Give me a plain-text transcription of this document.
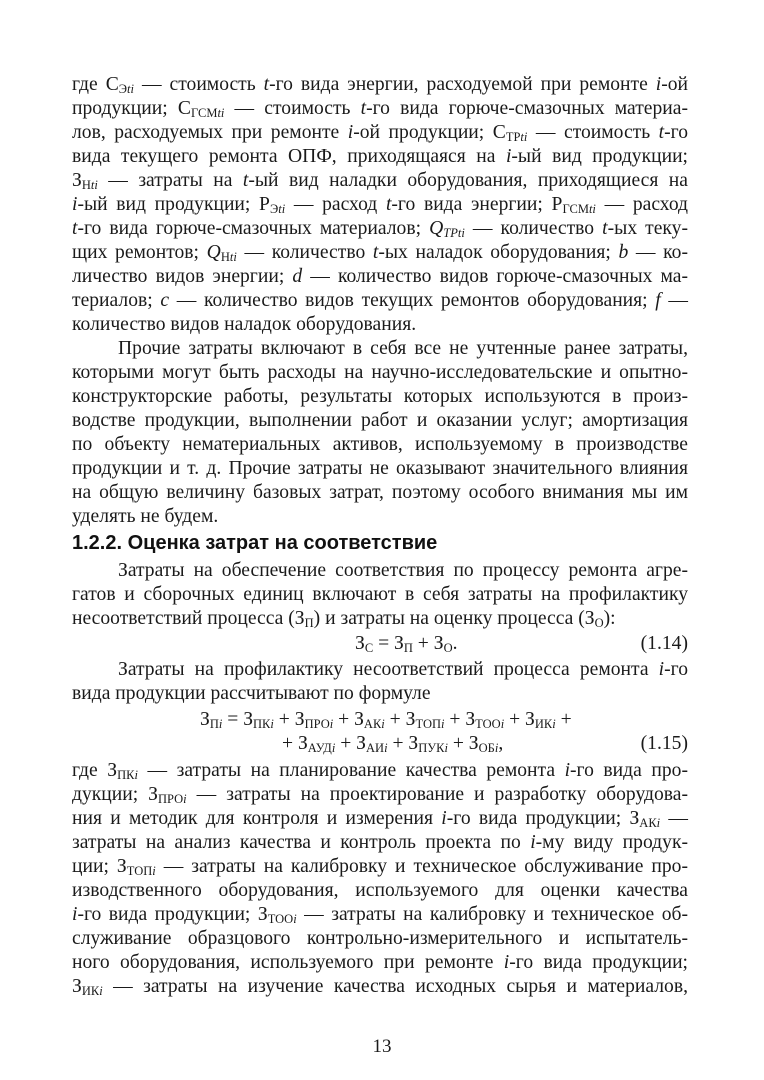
где $С_{Эti}$ — стоимость t-го вида энергии, расходуемой при ремонте i-ой
продукции; $С_{ГСМti}$ — стоимость t-го вида горюче-смазочных материа-
лов, расходуемых при ремонте i-ой продукции; $С_{ТРti}$ — стоимость t-го
вида текущего ремонта ОПФ, приходящаяся на i-ый вид продукции;
$З_{Нti}$ — затраты на t-ый вид наладки оборудования, приходящиеся на
i-ый вид продукции; $Р_{Эti}$ — расход t-го вида энергии; $Р_{ГСМti}$ — расход
t-го вида горюче-смазочных материалов; $Q_{ТРti}$ — количество t-ых теку-
щих ремонтов; $Q_{Нti}$ — количество t-ых наладок оборудования; b — ко-
личество видов энергии; d — количество видов горюче-смазочных ма-
териалов; c — количество видов текущих ремонтов оборудования; f —
количество видов наладок оборудования.
Прочие затраты включают в себя все не учтенные ранее затраты,
которыми могут быть расходы на научно-исследовательские и опытно-
конструкторские работы, результаты которых используются в произ-
водстве продукции, выполнении работ и оказании услуг; амортизация
по объекту нематериальных активов, используемому в производстве
продукции и т. д. Прочие затраты не оказывают значительного влияния
на общую величину базовых затрат, поэтому особого внимания мы им
уделять не будем.
1.2.2. Оценка затрат на соответствие
Затраты на обеспечение соответствия по процессу ремонта агре-
гатов и сборочных единиц включают в себя затраты на профилактику
несоответствий процесса $(З_П)$ и затраты на оценку процесса $(З_О)$:
$З_С = З_П + З_О$.	(1.14)
Затраты на профилактику несоответствий процесса ремонта i-го
вида продукции рассчитывают по формуле
$З_{Пi} = З_{ПКi} + З_{ПРОi} + З_{АКi} + З_{ТОПi} + З_{ТООi} + З_{ИКi}$ +
+ $З_{АУДi} + З_{АИi} + З_{ПУКi} + З_{ОБi}$,	(1.15)
где $З_{ПКi}$ — затраты на планирование качества ремонта i-го вида про-
дукции; $З_{ПРОi}$ — затраты на проектирование и разработку оборудова-
ния и методик для контроля и измерения i-го вида продукции; $З_{АКi}$ —
затраты на анализ качества и контроль проекта по i-му виду продук-
ции; $З_{ТОПi}$ — затраты на калибровку и техническое обслуживание про-
изводственного оборудования, используемого для оценки качества
i-го вида продукции; $З_{ТООi}$ — затраты на калибровку и техническое об-
служивание образцового контрольно-измерительного и испытатель-
ного оборудования, используемого при ремонте i-го вида продукции;
$З_{ИКi}$ — затраты на изучение качества исходных сырья и материалов,
13
